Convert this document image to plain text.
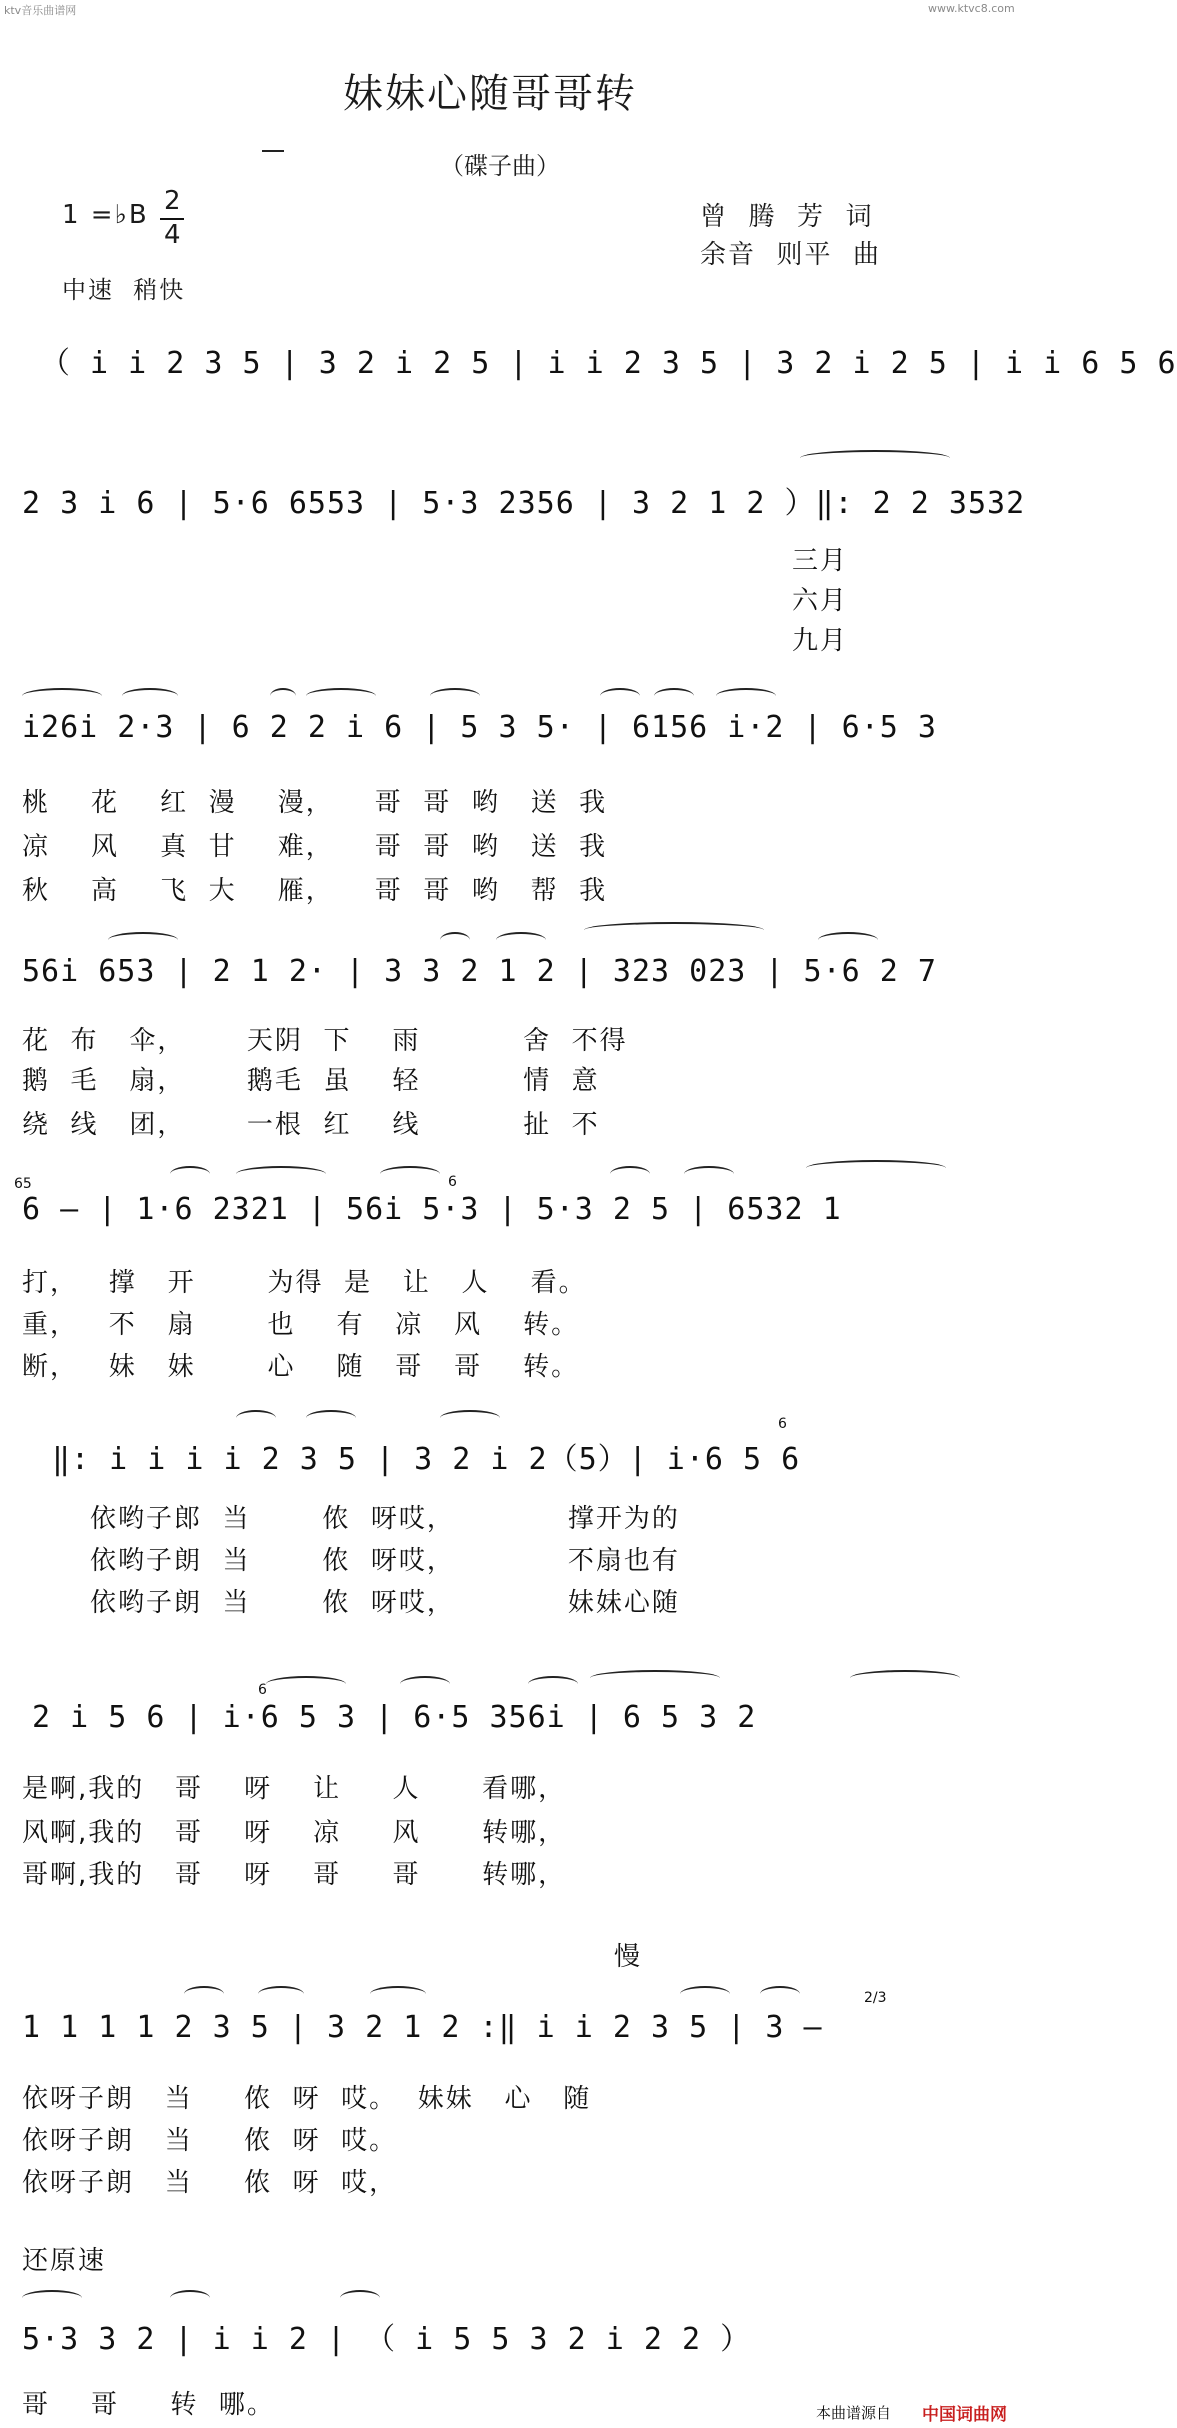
ktv音乐曲谱网	www.ktvc8.com
妹妹心随哥哥转
（碟子曲）
1 =♭B 2
4
中速  稍快
曾  腾  芳  词
余音  则平  曲
（ i i 2 3 5 | 3 2 i 2 5 | i i 2 3 5 | 3 2 i 2 5 | i i 6 5 6
2 3 i 6 | 5·6 6553 | 5·3 2356 | 3 2 1 2 ）‖: 2 2 3532
三月
六月
九月
i26i 2·3 | 6 2 2 i 6 | 5 3 5· | 6156 i·2 | 6·5 3
桃    花    红  漫    漫，    哥  哥  哟   送  我
凉    风    真  甘    难，    哥  哥  哟   送  我
秋    高    飞  大    雁，    哥  哥  哟   帮  我
56i 653 | 2 1 2· | 3 3 2 1 2 | 323 023 | 5·6 2 7
花  布   伞，      天阴  下    雨          舍  不得
鹅  毛   扇，      鹅毛  虽    轻          情  意
绕  线   团，      一根  红    线          扯  不
65
6 – | 1·6 2321 | 56i 5·3 | 5·3 2 5 | 6532 1
6
打，   撑   开       为得  是   让   人    看。
重，   不   扇       也    有   凉   风    转。
断，   妹   妹       心    随   哥   哥    转。
‖: i i i i 2 3 5 | 3 2 i 2（5）| i·6 5 6
6
依哟子郎  当       侬  呀哎，           撑开为的
依哟子朗  当       侬  呀哎，           不扇也有
依哟子朗  当       侬  呀哎，           妹妹心随
2 i 5 6 | i·6 5 3 | 6·5 356i | 6 5 3 2
6
是啊,我的   哥    呀    让     人      看哪，
风啊,我的   哥    呀    凉     风      转哪，
哥啊,我的   哥    呀    哥     哥      转哪，
慢
1 1 1 1 2 3 5 | 3 2 1 2 :‖ i i 2 3 5 | 3 –
2/3
依呀子朗   当     侬  呀  哎。  妹妹   心   随
依呀子朗   当     侬  呀  哎。
依呀子朗   当     侬  呀  哎，
还原速
5·3 3 2 | i i 2 | （ i 5 5 3 2 i 2 2 ）
哥    哥     转  哪。	本曲谱源自 中国词曲网
